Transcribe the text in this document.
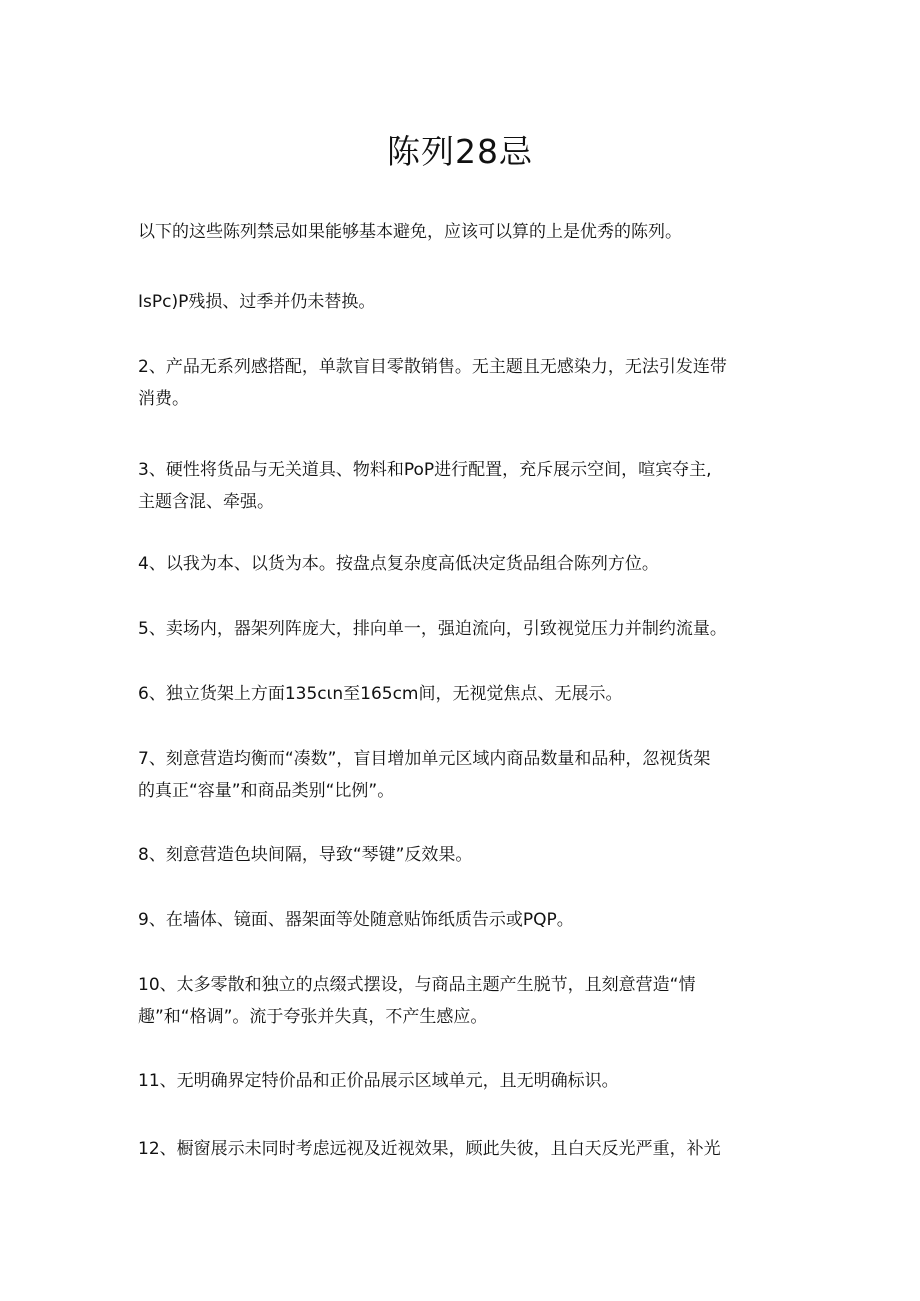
陈列28忌

以下的这些陈列禁忌如果能够基本避免，应该可以算的上是优秀的陈列。

IsPc)P残损、过季并仍未替换。

2、产品无系列感搭配，单款盲目零散销售。无主题且无感染力，无法引发连带
消费。

3、硬性将货品与无关道具、物料和PoP进行配置，充斥展示空间，喧宾夺主,
主题含混、牵强。

4、以我为本、以货为本。按盘点复杂度高低决定货品组合陈列方位。

5、卖场内，器架列阵庞大，排向单一，强迫流向，引致视觉压力并制约流量。

6、独立货架上方面135cιn至165cm间，无视觉焦点、无展示。

7、刻意营造均衡而“凑数”，盲目增加单元区域内商品数量和品种，忽视货架
的真正“容量”和商品类别“比例”。

8、刻意营造色块间隔，导致“琴键”反效果。

9、在墙体、镜面、器架面等处随意贴饰纸质告示或PQP。

10、太多零散和独立的点缀式摆设，与商品主题产生脱节，且刻意营造“情
趣”和“格调”。流于夸张并失真，不产生感应。

11、无明确界定特价品和正价品展示区域单元，且无明确标识。

12、橱窗展示未同时考虑远视及近视效果，顾此失彼，且白天反光严重，补光
